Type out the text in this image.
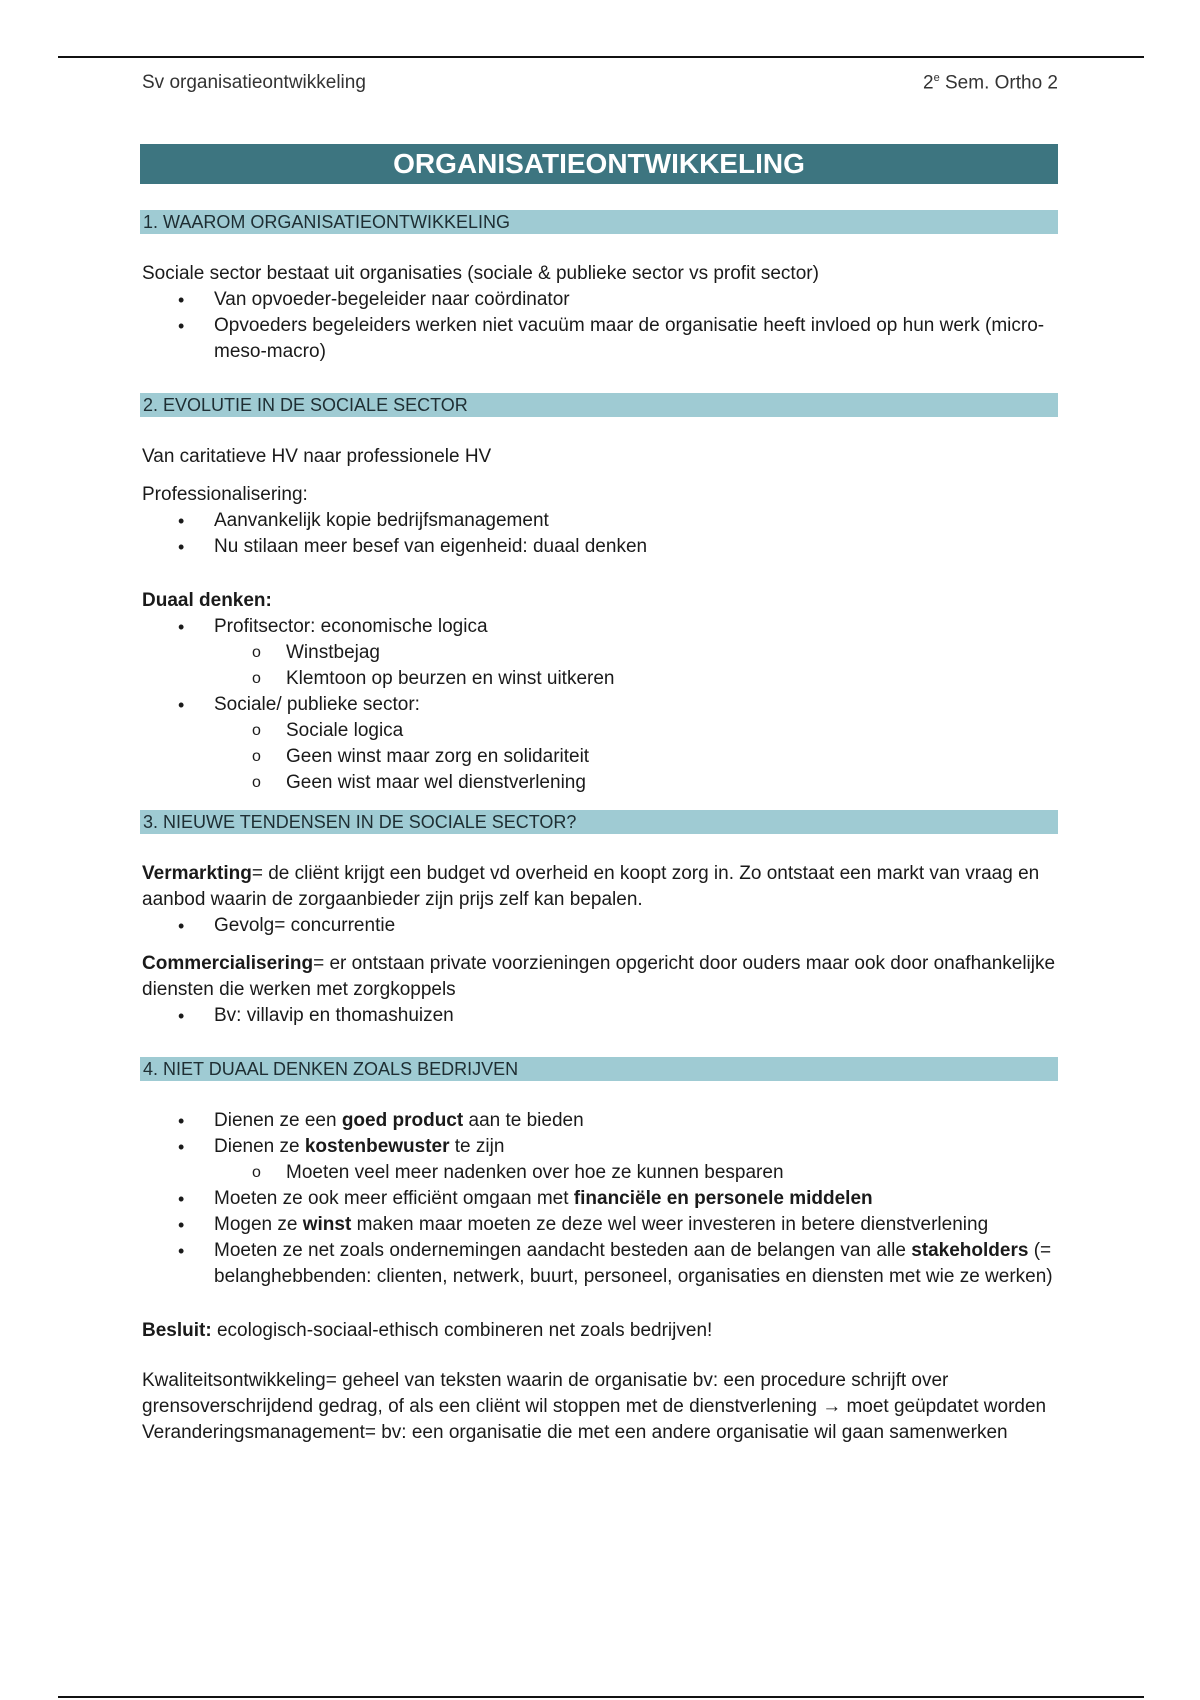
Sv organisatieontwikkeling	2e Sem. Ortho 2
ORGANISATIEONTWIKKELING
1. WAAROM ORGANISATIEONTWIKKELING

Sociale sector bestaat uit organisaties (sociale & publieke sector vs profit sector)

• Van opvoeder-begeleider naar coördinator
• Opvoeders begeleiders werken niet vacuüm maar de organisatie heeft invloed op hun werk (micro-meso-macro)
2. EVOLUTIE IN DE SOCIALE SECTOR

Van caritatieve HV naar professionele HV

Professionalisering:

• Aanvankelijk kopie bedrijfsmanagement
• Nu stilaan meer besef van eigenheid: duaal denken

Duaal denken:

• Profitsector: economische logica
o Winstbejag
o Klemtoon op beurzen en winst uitkeren
• Sociale/ publieke sector:
o Sociale logica
o Geen winst maar zorg en solidariteit
o Geen wist maar wel dienstverlening
3. NIEUWE TENDENSEN IN DE SOCIALE SECTOR?

Vermarkting= de cliënt krijgt een budget vd overheid en koopt zorg in. Zo ontstaat een markt van vraag en aanbod waarin de zorgaanbieder zijn prijs zelf kan bepalen.

• Gevolg= concurrentie

Commercialisering= er ontstaan private voorzieningen opgericht door ouders maar ook door onafhankelijke diensten die werken met zorgkoppels

• Bv: villavip en thomashuizen
4. NIET DUAAL DENKEN ZOALS BEDRIJVEN
• Dienen ze een goed product aan te bieden
• Dienen ze kostenbewuster te zijn
o Moeten veel meer nadenken over hoe ze kunnen besparen
• Moeten ze ook meer efficiënt omgaan met financiële en personele middelen
• Mogen ze winst maken maar moeten ze deze wel weer investeren in betere dienstverlening
• Moeten ze net zoals ondernemingen aandacht besteden aan de belangen van alle stakeholders (= belanghebbenden: clienten, netwerk, buurt, personeel, organisaties en diensten met wie ze werken)

Besluit: ecologisch-sociaal-ethisch combineren net zoals bedrijven!

Kwaliteitsontwikkeling= geheel van teksten waarin de organisatie bv: een procedure schrijft over grensoverschrijdend gedrag, of als een cliënt wil stoppen met de dienstverlening → moet geüpdatet worden

Veranderingsmanagement= bv: een organisatie die met een andere organisatie wil gaan samenwerken
